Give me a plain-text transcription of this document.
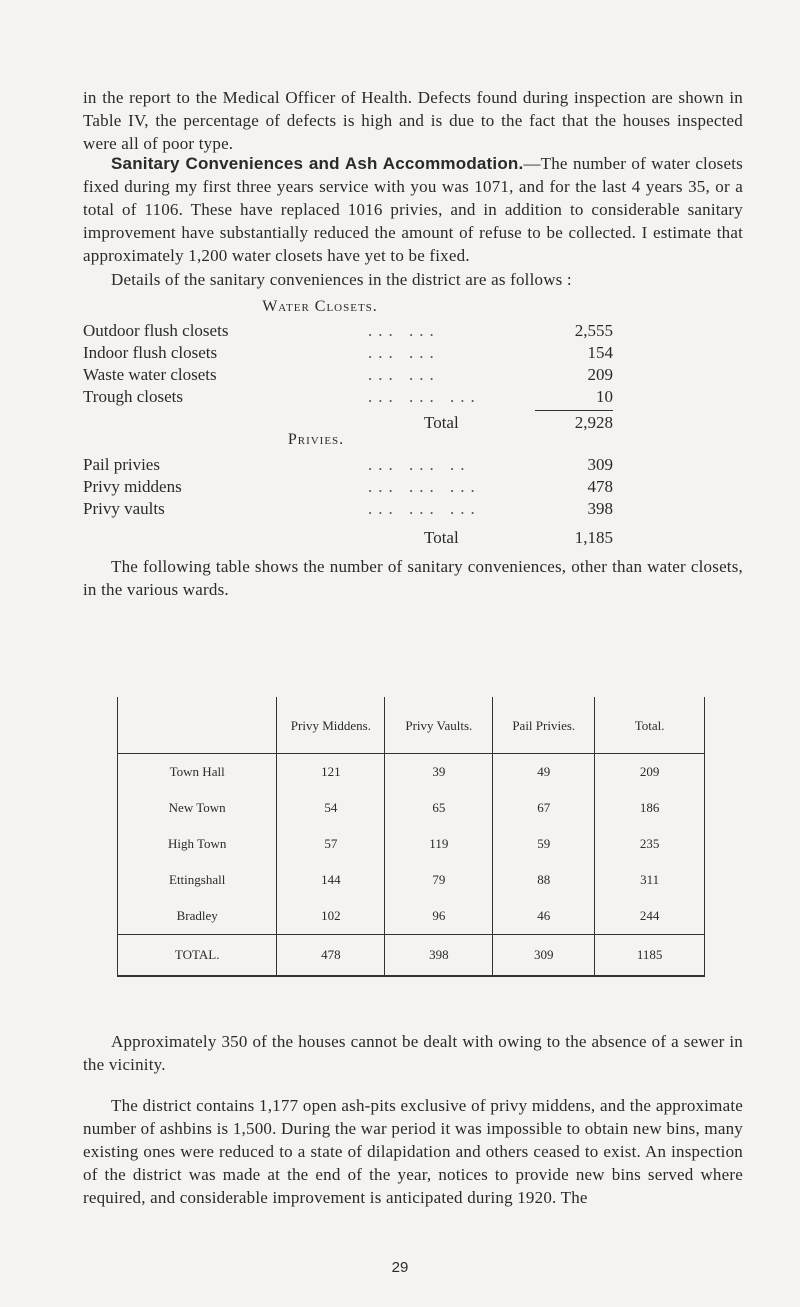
in the report to the Medical Officer of Health. Defects found during inspection are shown in Table IV, the percentage of defects is high and is due to the fact that the houses inspected were all of poor type.

Sanitary Conveniences and Ash Accommodation.—The number of water closets fixed during my first three years service with you was 1071, and for the last 4 years 35, or a total of 1106. These have replaced 1016 privies, and in addition to considerable sanitary improvement have substantially reduced the amount of refuse to be collected. I estimate that approximately 1,200 water closets have yet to be fixed.

Details of the sanitary conveniences in the district are as follows :

Water Closets.
Outdoor flush closets	... ...	2,555
Indoor flush closets	... ...	154
Waste water closets	... ...	209
Trough closets	... ... ...	10
Total	2,928
Privies.
Pail privies	... ... ..	309
Privy middens	... ... ...	478
Privy vaults	... ... ...	398
Total	1,185

The following table shows the number of sanitary conveniences, other than water closets, in the various wards.

	Privy Middens.	Privy Vaults.	Pail Privies.	Total.
Town Hall	121	39	49	209
New Town	54	65	67	186
High Town	57	119	59	235
Ettingshall	144	79	88	311
Bradley	102	96	46	244
TOTAL.	478	398	309	1185

Approximately 350 of the houses cannot be dealt with owing to the absence of a sewer in the vicinity.

The district contains 1,177 open ash-pits exclusive of privy middens, and the approximate number of ashbins is 1,500. During the war period it was impossible to obtain new bins, many existing ones were reduced to a state of dilapidation and others ceased to exist. An inspection of the district was made at the end of the year, notices to provide new bins served where required, and considerable improvement is anticipated during 1920. The

29
